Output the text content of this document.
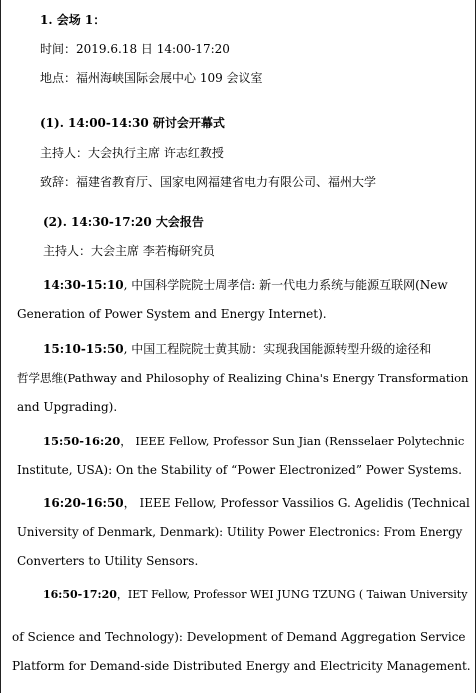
1. 会场 1：
时间：2019.6.18 日 14:00-17:20
地点：福州海峡国际会展中心 109 会议室
(1). 14:00-14:30 研讨会开幕式
主持人：大会执行主席 许志红教授
致辞：福建省教育厅、国家电网福建省电力有限公司、福州大学
(2). 14:30-17:20 大会报告
主持人：大会主席 李若梅研究员
14:30-15:10, 中国科学院院士周孝信: 新一代电力系统与能源互联网(New
Generation of Power System and Energy Internet).
15:10-15:50, 中国工程院院士黄其励：实现我国能源转型升级的途径和
哲学思维(Pathway and Philosophy of Realizing China's Energy Transformation
and Upgrading).
15:50-16:20， IEEE Fellow, Professor Sun Jian (Rensselaer Polytechnic
Institute, USA): On the Stability of “Power Electronized” Power Systems.
16:20-16:50， IEEE Fellow, Professor Vassilios G. Agelidis (Technical
University of Denmark, Denmark): Utility Power Electronics: From Energy
Converters to Utility Sensors.
16:50-17:20，IET Fellow, Professor WEI JUNG TZUNG ( Taiwan University
of Science and Technology): Development of Demand Aggregation Service
Platform for Demand-side Distributed Energy and Electricity Management.
